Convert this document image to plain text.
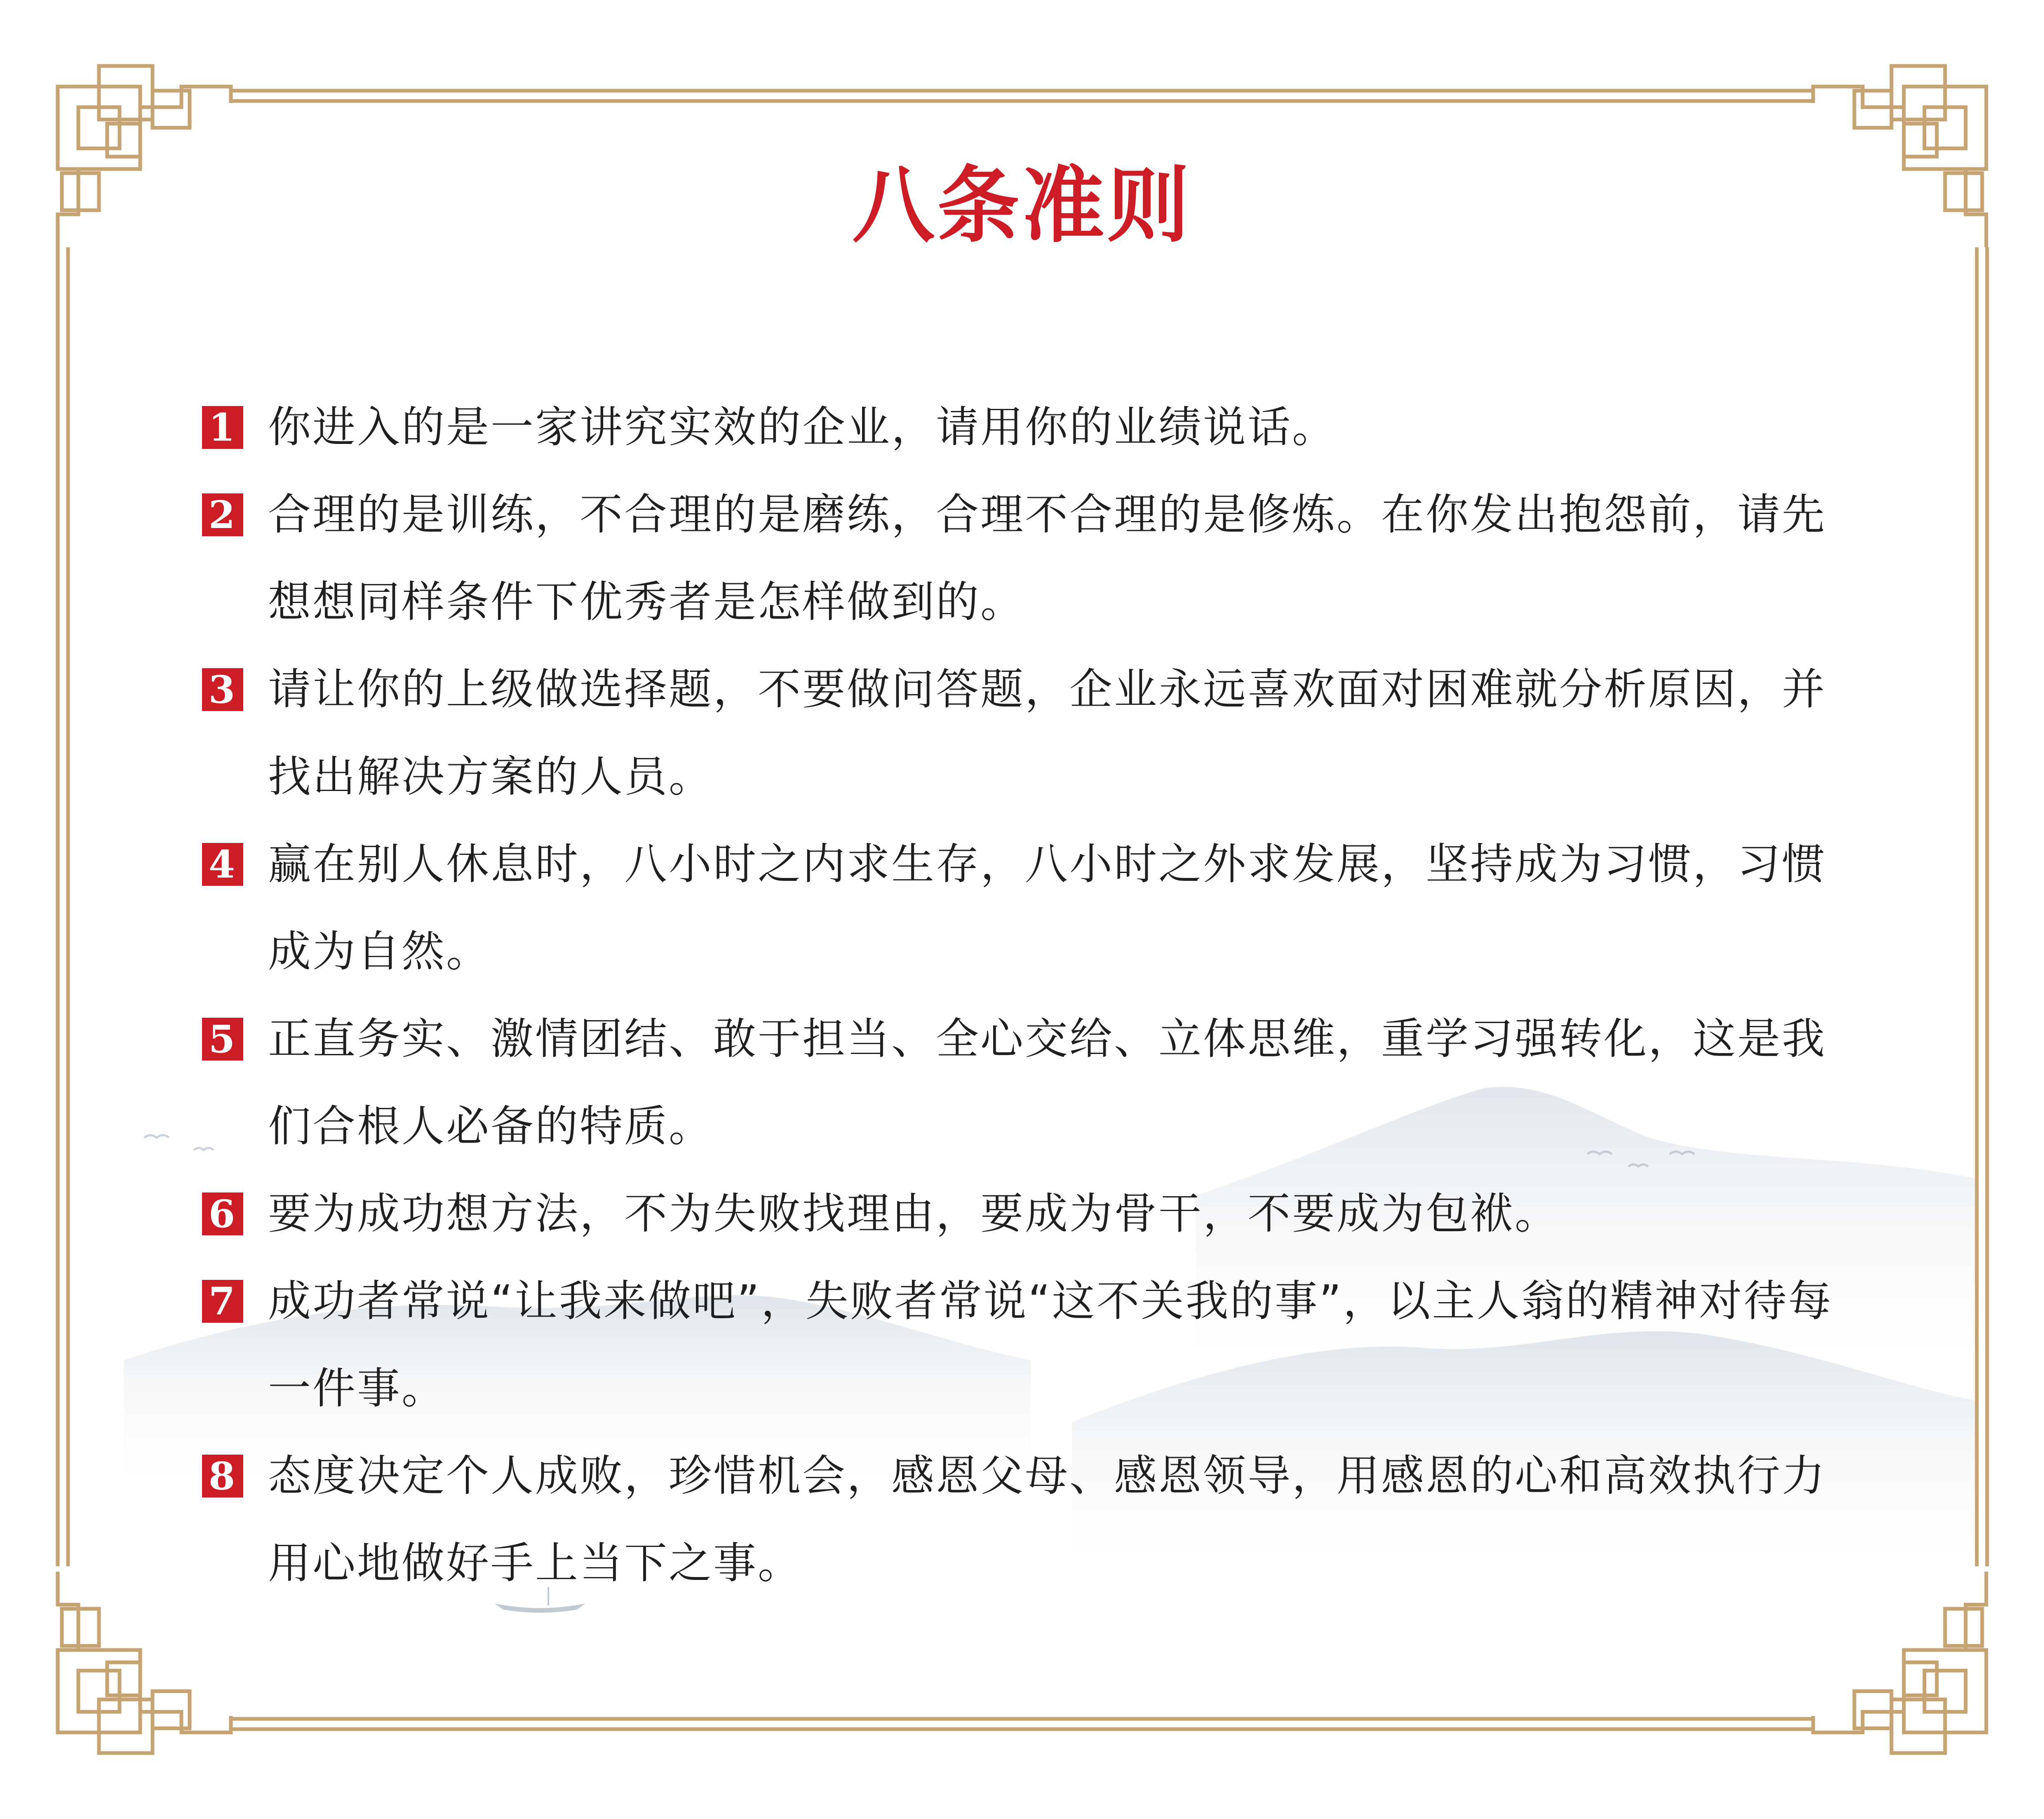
八条准则
1 你进入的是一家讲究实效的企业，请用你的业绩说话。
2 合理的是训练，不合理的是磨练，合理不合理的是修炼。在你发出抱怨前，请先想想同样条件下优秀者是怎样做到的。
3 请让你的上级做选择题，不要做问答题，企业永远喜欢面对困难就分析原因，并找出解决方案的人员。
4 赢在别人休息时，八小时之内求生存，八小时之外求发展，坚持成为习惯，习惯成为自然。
5 正直务实、激情团结、敢于担当、全心交给、立体思维，重学习强转化，这是我们合根人必备的特质。
6 要为成功想方法，不为失败找理由，要成为骨干，不要成为包袱。
7 成功者常说“让我来做吧”，失败者常说“这不关我的事”，以主人翁的精神对待每一件事。
8 态度决定个人成败，珍惜机会，感恩父母、感恩领导，用感恩的心和高效执行力用心地做好手上当下之事。
